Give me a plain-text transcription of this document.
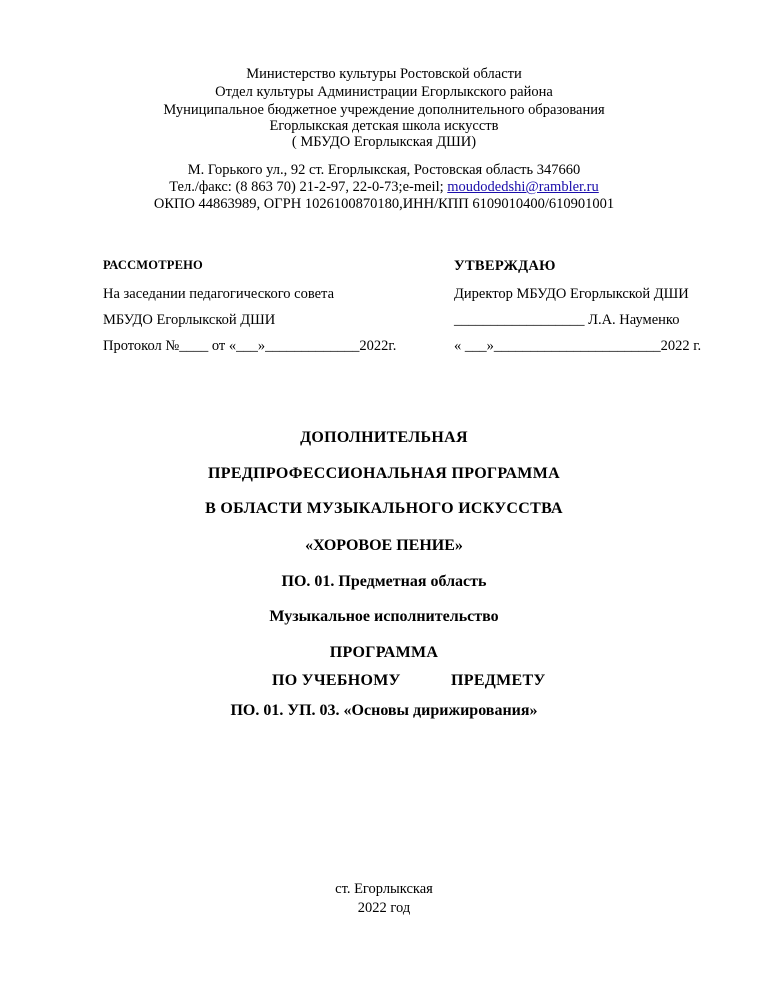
Министерство культуры Ростовской области
Отдел культуры Администрации Егорлыкского района
Муниципальное бюджетное учреждение дополнительного образования
Егорлыкская детская школа искусств
( МБУДО Егорлыкская ДШИ)
М. Горького ул., 92 ст. Егорлыкская, Ростовская область 347660
Тел./факс: (8 863 70) 21-2-97, 22-0-73;e-meil; moudodedshi@rambler.ru
ОКПО 44863989, ОГРН 1026100870180,ИНН/КПП 6109010400/610901001
РАССМОТРЕНО
На заседании педагогического совета
МБУДО Егорлыкской ДШИ
Протокол №____ от «___»_____________2022г.
УТВЕРЖДАЮ
Директор МБУДО Егорлыкской ДШИ
__________________ Л.А. Науменко
« ___»_______________________2022 г.
ДОПОЛНИТЕЛЬНАЯ
ПРЕДПРОФЕССИОНАЛЬНАЯ ПРОГРАММА
В ОБЛАСТИ МУЗЫКАЛЬНОГО ИСКУССТВА
«ХОРОВОЕ ПЕНИЕ»
ПО. 01. Предметная область
Музыкальное исполнительство
ПРОГРАММА
ПО УЧЕБНОМУ	ПРЕДМЕТУ
ПО. 01. УП. 03. «Основы дирижирования»
ст. Егорлыкская
2022 год
